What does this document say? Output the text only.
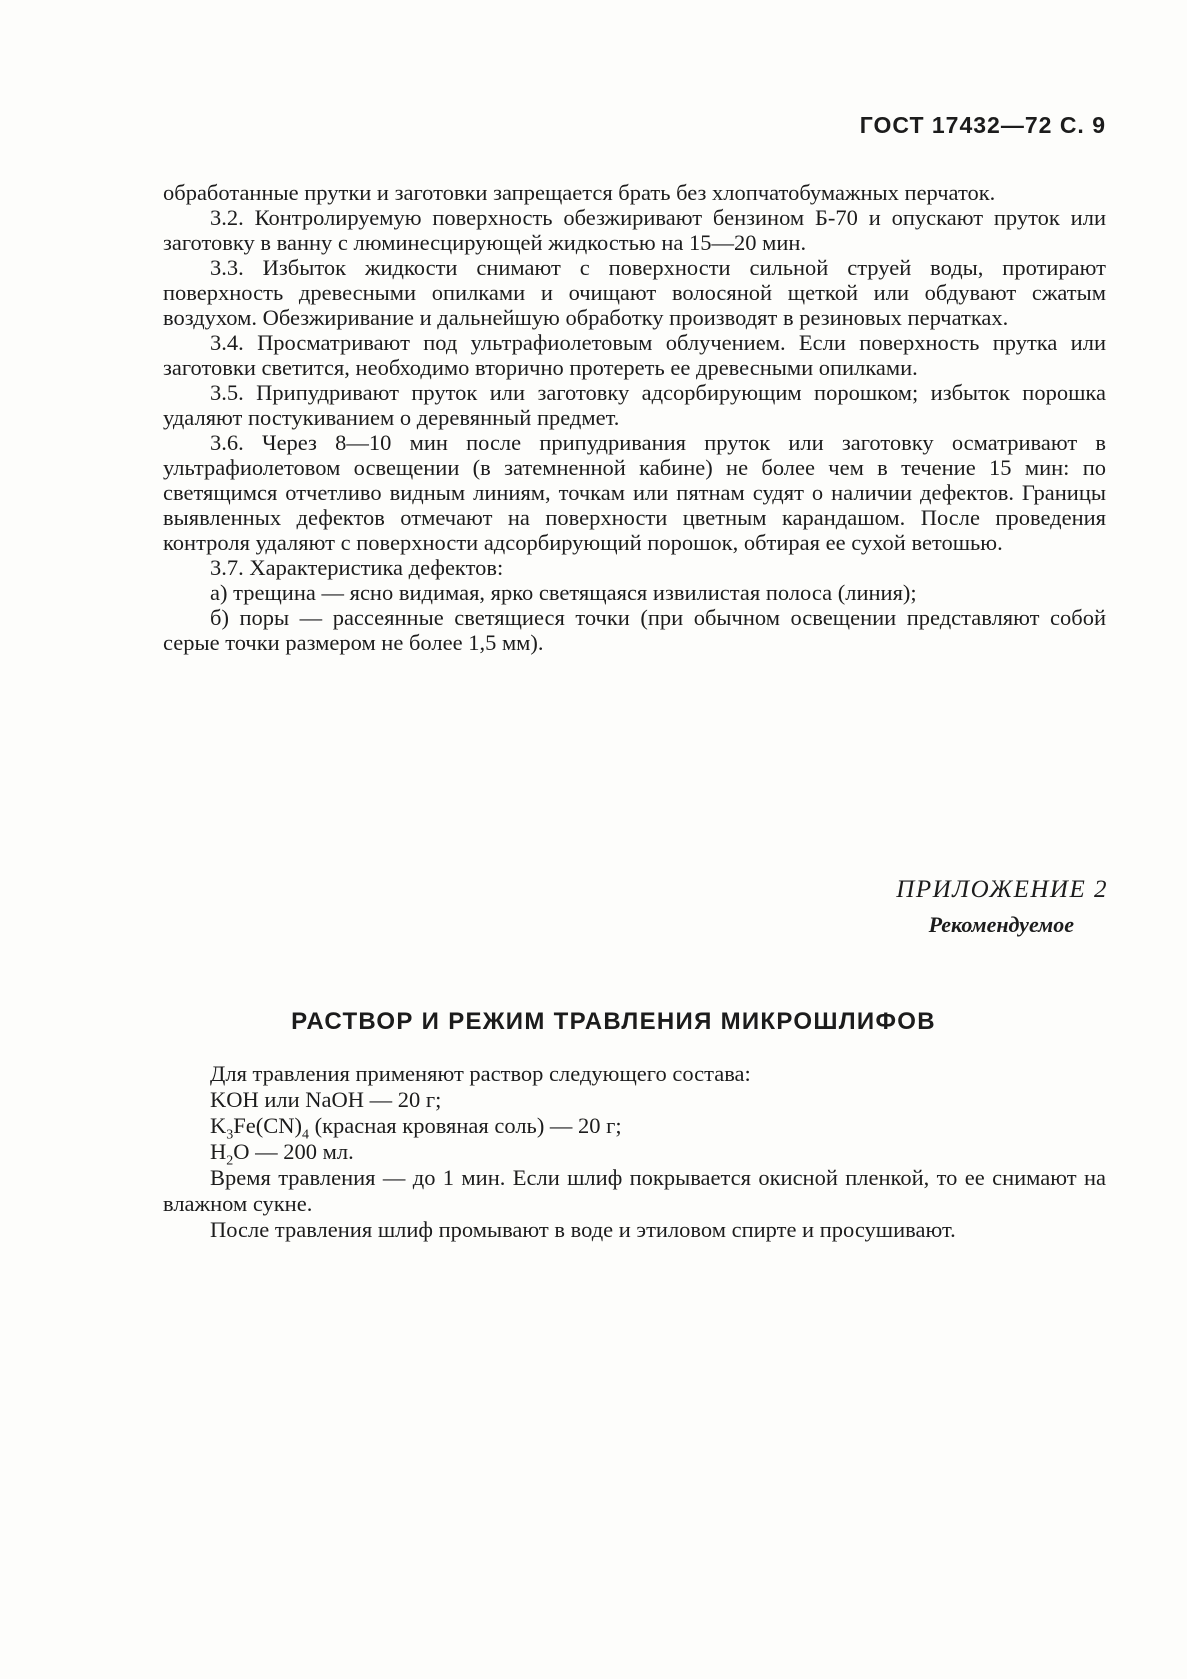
ГОСТ 17432—72 С. 9

обработанные прутки и заготовки запрещается брать без хлопчатобумажных перчаток.

3.2. Контролируемую поверхность обезжиривают бензином Б-70 и опускают пруток или заготовку в ванну с люминесцирующей жидкостью на 15—20 мин.

3.3. Избыток жидкости снимают с поверхности сильной струей воды, протирают поверхность древесными опилками и очищают волосяной щеткой или обдувают сжатым воздухом. Обезжиривание и дальнейшую обработку производят в резиновых перчатках.

3.4. Просматривают под ультрафиолетовым облучением. Если поверхность прутка или заготовки светится, необходимо вторично протереть ее древесными опилками.

3.5. Припудривают пруток или заготовку адсорбирующим порошком; избыток порошка удаляют постукиванием о деревянный предмет.

3.6. Через 8—10 мин после припудривания пруток или заготовку осматривают в ультрафиолетовом освещении (в затемненной кабине) не более чем в течение 15 мин: по светящимся отчетливо видным линиям, точкам или пятнам судят о наличии дефектов. Границы выявленных дефектов отмечают на поверхности цветным карандашом. После проведения контроля удаляют с поверхности адсорбирующий порошок, обтирая ее сухой ветошью.

3.7. Характеристика дефектов:

а) трещина — ясно видимая, ярко светящаяся извилистая полоса (линия);

б) поры — рассеянные светящиеся точки (при обычном освещении представляют собой серые точки размером не более 1,5 мм).

ПРИЛОЖЕНИЕ 2
Рекомендуемое
РАСТВОР И РЕЖИМ ТРАВЛЕНИЯ МИКРОШЛИФОВ

Для травления применяют раствор следующего состава:

KOH или NaOH — 20 г;

$K_3Fe(CN)_4$ (красная кровяная соль) — 20 г;

$H_2O$ — 200 мл.

Время травления — до 1 мин. Если шлиф покрывается окисной пленкой, то ее снимают на влажном сукне.

После травления шлиф промывают в воде и этиловом спирте и просушивают.
